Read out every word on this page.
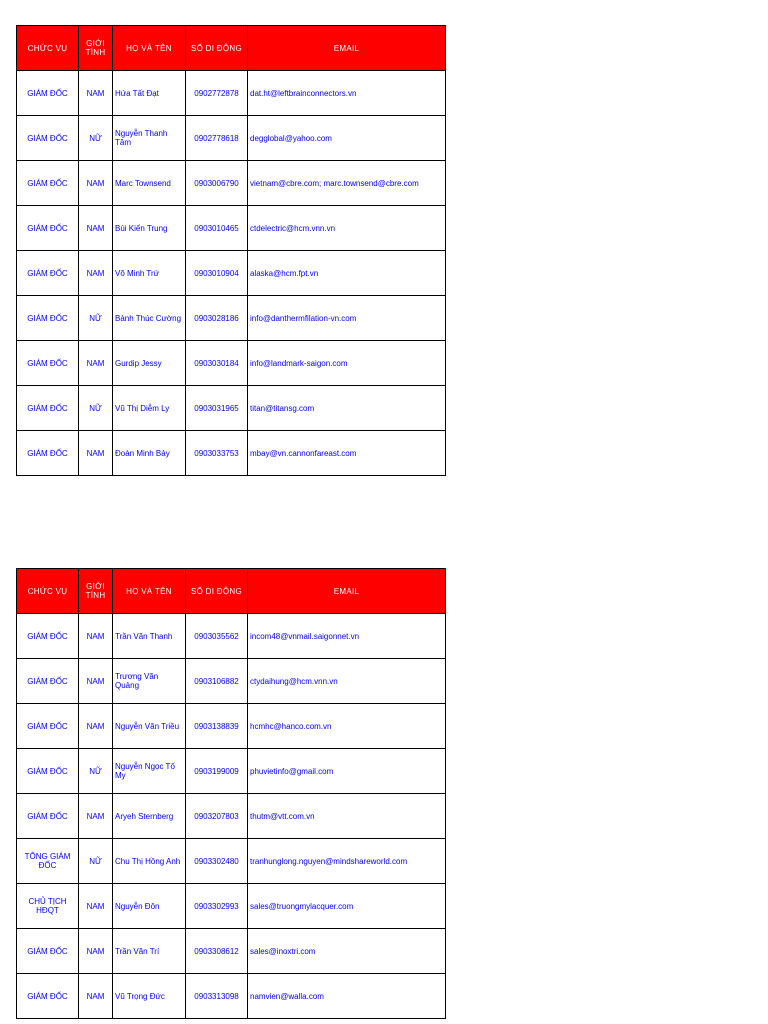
CHỨC VỤ	GIỚI TÍNH	HỌ VÀ TÊN	SỐ DI ĐỘNG	EMAIL
GIÁM ĐỐC	NAM	Hứa Tất Đạt	0902772878	dat.ht@leftbrainconnectors.vn
GIÁM ĐỐC	NỮ	Nguyễn Thanh Tâm	0902778618	degglobal@yahoo.com
GIÁM ĐỐC	NAM	Marc Townsend	0903006790	vietnam@cbre.com; marc.townsend@cbre.com
GIÁM ĐỐC	NAM	Bùi Kiến Trung	0903010465	ctdelectric@hcm.vnn.vn
GIÁM ĐỐC	NAM	Võ Minh Trứ	0903010904	alaska@hcm.fpt.vn
GIÁM ĐỐC	NỮ	Bành Thúc Cường	0903028186	info@danthermfilation-vn.com
GIÁM ĐỐC	NAM	Gurdip Jessy	0903030184	info@landmark-saigon.com
GIÁM ĐỐC	NỮ	Vũ Thị Diễm Ly	0903031965	titan@titansg.com
GIÁM ĐỐC	NAM	Đoàn Minh Bảy	0903033753	mbay@vn.cannonfareast.com
CHỨC VỤ	GIỚI TÍNH	HỌ VÀ TÊN	SỐ DI ĐỘNG	EMAIL
GIÁM ĐỐC	NAM	Trần Văn Thanh	0903035562	incom48@vnmail.saigonnet.vn
GIÁM ĐỐC	NAM	Trương Văn Quảng	0903106882	ctydaihung@hcm.vnn.vn
GIÁM ĐỐC	NAM	Nguyễn Văn Triều	0903138839	hcmhc@hanco.com.vn
GIÁM ĐỐC	NỮ	Nguyễn Ngọc Tố My	0903199009	phuvietinfo@gmail.com
GIÁM ĐỐC	NAM	Aryeh Sternberg	0903207803	thutm@vtt.com.vn
TỔNG GIÁM ĐỐC	NỮ	Chu Thị Hồng Anh	0903302480	tranhunglong.nguyen@mindshareworld.com
CHỦ TỊCH HĐQT	NAM	Nguyễn Đôn	0903302993	sales@truongmylacquer.com
GIÁM ĐỐC	NAM	Trần Văn Trí	0903308612	sales@inoxtri.com
GIÁM ĐỐC	NAM	Vũ Trọng Đức	0903313098	namvien@walla.com
